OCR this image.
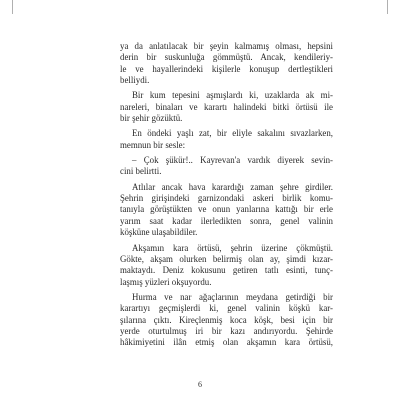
ya da anlatılacak bir şeyin kalmamış olması, hepsini
derin bir suskunluğa gömmüştü. Ancak, kendileriy-
le ve hayallerindeki kişilerle konuşup dertleştikleri
belliydi.
Bir kum tepesini aşmışlardı ki, uzaklarda ak mi-
nareleri, binaları ve karartı halindeki bitki örtüsü ile
bir şehir gözüktü.
En öndeki yaşlı zat, bir eliyle sakalını sıvazlarken,
memnun bir sesle:
– Çok şükür!.. Kayrevan'a vardık diyerek sevin-
cini belirtti.
Atlılar ancak hava karardığı zaman şehre girdiler.
Şehrin girişindeki garnizondaki askeri birlik komu-
tanıyla görüştükten ve onun yanlarına kattığı bir erle
yarım saat kadar ilerledikten sonra, genel valinin
köşküne ulaşabildiler.
Akşamın kara örtüsü, şehrin üzerine çökmüştü.
Gökte, akşam olurken belirmiş olan ay, şimdi kızar-
maktaydı. Deniz kokusunu getiren tatlı esinti, tunç-
laşmış yüzleri okşuyordu.
Hurma ve nar ağaçlarının meydana getirdiği bir
karartıyı geçmişlerdi ki, genel valinin köşkü kar-
şılarına çıktı. Kireçlenmiş koca köşk, besi için bir
yerde oturtulmuş iri bir kazı andırıyordu. Şehirde
hâkimiyetini ilân etmiş olan akşamın kara örtüsü,
6
